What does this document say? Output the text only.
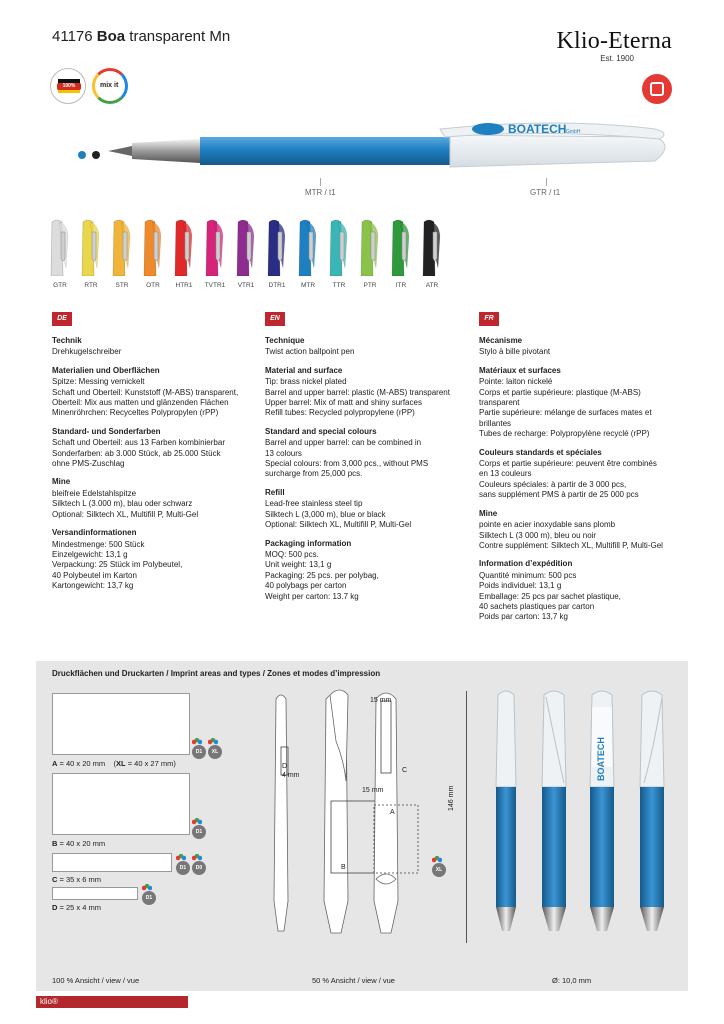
41176 Boa transparent Mn	Klio-Eterna
Est. 1900
100%	mix it

BOATECH GmbH
MTR / t1	GTR / t1
GTR	RTR	STR	OTR	HTR1	TVTR1	VTR1	DTR1	MTR	TTR	PTR	ITR	ATR
DE
Technik
Drehkugelschreiber
Materialien und Oberflächen
Spitze: Messing vernickelt
Schaft und Oberteil: Kunststoff (M-ABS) transparent,
Oberteil: Mix aus matten und glänzenden Flächen
Minenröhrchen: Recyceltes Polypropylen (rPP)
Standard- und Sonderfarben
Schaft und Oberteil: aus 13 Farben kombinierbar
Sonderfarben: ab 3.000 Stück, ab 25.000 Stück
ohne PMS-Zuschlag
Mine
bleifreie Edelstahlspitze
Silktech L (3.000 m), blau oder schwarz
Optional: Silktech XL, Multifill P, Multi-Gel
Versandinformationen
Mindestmenge: 500 Stück
Einzelgewicht: 13,1 g
Verpackung: 25 Stück im Polybeutel,
40 Polybeutel im Karton
Kartongewicht: 13,7 kg
EN
Technique
Twist action ballpoint pen
Material and surface
Tip: brass nickel plated
Barrel and upper barrel: plastic (M-ABS) transparent
Upper barrel: Mix of matt and shiny surfaces
Refill tubes: Recycled polypropylene (rPP)
Standard and special colours
Barrel and upper barrel: can be combined in
13 colours
Special colours: from 3,000 pcs., without PMS
surcharge from 25,000 pcs.
Refill
Lead-free stainless steel tip
Silktech L (3,000 m), blue or black
Optional: Silktech XL, Multifill P, Multi-Gel
Packaging information
MOQ: 500 pcs.
Unit weight: 13,1 g
Packaging: 25 pcs. per polybag,
40 polybags per carton
Weight per carton: 13.7 kg
FR
Mécanisme
Stylo à bille pivotant
Matériaux et surfaces
Pointe: laiton nickelé
Corps et partie supérieure: plastique (M-ABS)
transparent
Partie supérieure: mélange de surfaces mates et
brillantes
Tubes de recharge: Polypropylène recyclé (rPP)
Couleurs standards et spéciales
Corps et partie supérieure: peuvent être combinés
en 13 couleurs
Couleurs spéciales: à partir de 3 000 pcs,
sans supplément PMS à partir de 25 000 pcs
Mine
pointe en acier inoxydable sans plomb
Silktech L (3 000 m), bleu ou noir
Contre supplément: Silktech XL, Multifill P, Multi-Gel
Information d’expédition
Quantité minimum: 500 pcs
Poids individuel: 13,1 g
Emballage: 25 pcs par sachet plastique,
40 sachets plastiques par carton
Poids par carton: 13,7 kg
Druckflächen und Druckarten / Imprint areas and types / Zones et modes d’impression
D1	XL
A = 40 x 20 mm    (XL = 40 x 27 mm)
D1
B = 40 x 20 mm
D1	D0
C = 35 x 6 mm
D1
D = 25 x 4 mm
4 mm
15 mm
15 mm
D
B
C
A
XL
146 mm
BOATECH
100 % Ansicht / view / vue	50 % Ansicht / view / vue	Ø: 10,0 mm
klio®
